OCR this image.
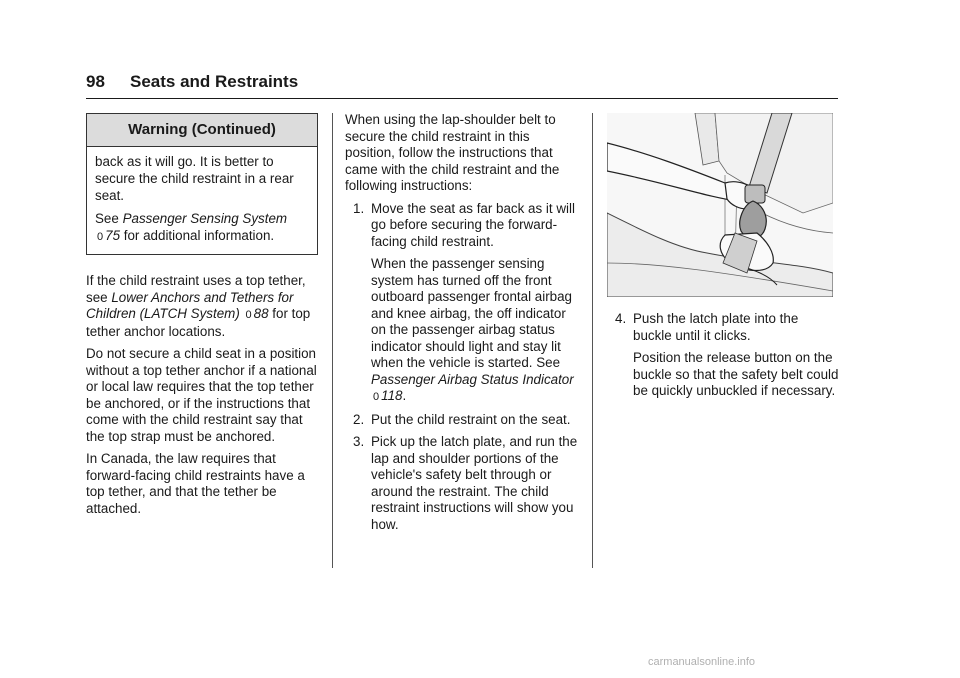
98 Seats and Restraints
Warning (Continued)

back as it will go. It is better to secure the child restraint in a rear seat.

See Passenger Sensing System 0 75 for additional information.

If the child restraint uses a top tether, see Lower Anchors and Tethers for Children (LATCH System) 0 88 for top tether anchor locations.

Do not secure a child seat in a position without a top tether anchor if a national or local law requires that the top tether be anchored, or if the instructions that come with the child restraint say that the top strap must be anchored.

In Canada, the law requires that forward-facing child restraints have a top tether, and that the tether be attached.

When using the lap-shoulder belt to secure the child restraint in this position, follow the instructions that came with the child restraint and the following instructions:

1. Move the seat as far back as it will go before securing the forward-facing child restraint.

When the passenger sensing system has turned off the front outboard passenger frontal airbag and knee airbag, the off indicator on the passenger airbag status indicator should light and stay lit when the vehicle is started. See Passenger Airbag Status Indicator 0 118.

2. Put the child restraint on the seat.

3. Pick up the latch plate, and run the lap and shoulder portions of the vehicle's safety belt through or around the restraint. The child restraint instructions will show you how.

4. Push the latch plate into the buckle until it clicks.

Position the release button on the buckle so that the safety belt could be quickly unbuckled if necessary.

carmanualsonline.info
